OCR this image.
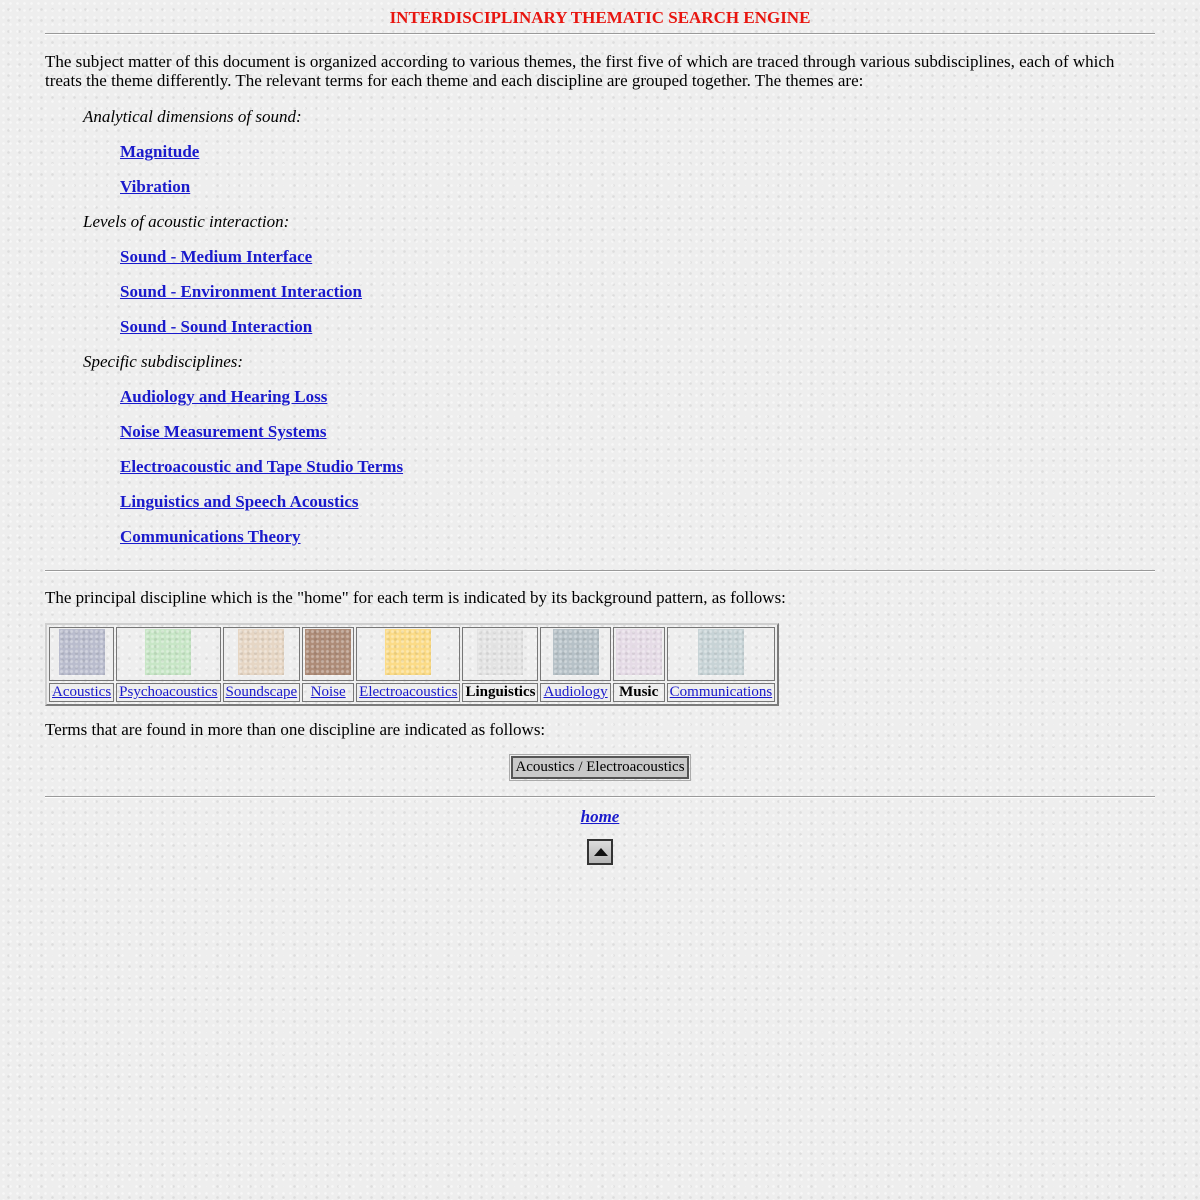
INTERDISCIPLINARY THEMATIC SEARCH ENGINE

The subject matter of this document is organized according to various themes, the first five of which are traced through various subdisciplines, each of which treats the theme differently. The relevant terms for each theme and each discipline are grouped together. The themes are:

Analytical dimensions of sound:

Magnitude
Vibration

Levels of acoustic interaction:

Sound - Medium Interface
Sound - Environment Interaction
Sound - Sound Interaction

Specific subdisciplines:

Audiology and Hearing Loss
Noise Measurement Systems
Electroacoustic and Tape Studio Terms
Linguistics and Speech Acoustics
Communications Theory

The principal discipline which is the "home" for each term is indicated by its background pattern, as follows:

Acoustics	Psychoacoustics	Soundscape	Noise	Electroacoustics	Linguistics	Audiology	Music	Communications

Terms that are found in more than one discipline are indicated as follows:

Acoustics / Electroacoustics
home
